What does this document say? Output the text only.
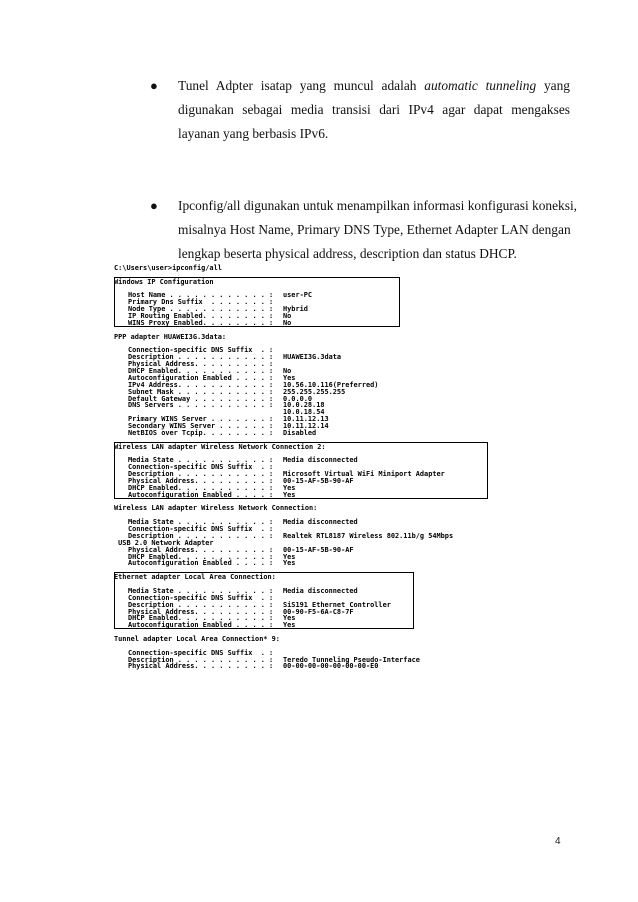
● Tunel Adpter isatap yang muncul adalah automatic tunneling yang

digunakan sebagai media transisi dari IPv4 agar dapat mengakses

layanan yang berbasis IPv6.

● Ipconfig/all digunakan untuk menampilkan informasi konfigurasi koneksi,

misalnya Host Name, Primary DNS Type, Ethernet Adapter LAN dengan

lengkap beserta physical address, description dan status DHCP.

C:\Users\user>ipconfig/all
Windows IP Configuration
Host Name . . . . . . . . . . . . : user-PC
Primary Dns Suffix  . . . . . . . :
Node Type . . . . . . . . . . . . : Hybrid
IP Routing Enabled. . . . . . . . : No
WINS Proxy Enabled. . . . . . . . : No
PPP adapter HUAWEI3G.3data:
Connection-specific DNS Suffix  . :
Description . . . . . . . . . . . : HUAWEI3G.3data
Physical Address. . . . . . . . . :
DHCP Enabled. . . . . . . . . . . : No
Autoconfiguration Enabled . . . . : Yes
IPv4 Address. . . . . . . . . . . : 10.56.10.116(Preferred)
Subnet Mask . . . . . . . . . . . : 255.255.255.255
Default Gateway . . . . . . . . . : 0.0.0.0
DNS Servers . . . . . . . . . . . : 10.0.28.18
10.0.18.54
Primary WINS Server . . . . . . . : 10.11.12.13
Secondary WINS Server . . . . . . : 10.11.12.14
NetBIOS over Tcpip. . . . . . . . : Disabled
Wireless LAN adapter Wireless Network Connection 2:
Media State . . . . . . . . . . . : Media disconnected
Connection-specific DNS Suffix  . :
Description . . . . . . . . . . . : Microsoft Virtual WiFi Miniport Adapter
Physical Address. . . . . . . . . : 00-15-AF-5B-90-AF
DHCP Enabled. . . . . . . . . . . : Yes
Autoconfiguration Enabled . . . . : Yes
Wireless LAN adapter Wireless Network Connection:
Media State . . . . . . . . . . . : Media disconnected
Connection-specific DNS Suffix  . :
Description . . . . . . . . . . . : Realtek RTL8187 Wireless 802.11b/g 54Mbps
USB 2.0 Network Adapter
Physical Address. . . . . . . . . : 00-15-AF-5B-90-AF
DHCP Enabled. . . . . . . . . . . : Yes
Autoconfiguration Enabled . . . . : Yes
Ethernet adapter Local Area Connection:
Media State . . . . . . . . . . . : Media disconnected
Connection-specific DNS Suffix  . :
Description . . . . . . . . . . . : SiS191 Ethernet Controller
Physical Address. . . . . . . . . : 00-90-F5-6A-C8-7F
DHCP Enabled. . . . . . . . . . . : Yes
Autoconfiguration Enabled . . . . : Yes
Tunnel adapter Local Area Connection* 9:
Connection-specific DNS Suffix  . :
Description . . . . . . . . . . . : Teredo Tunneling Pseudo-Interface
Physical Address. . . . . . . . . : 00-00-00-00-00-00-00-E0
4
